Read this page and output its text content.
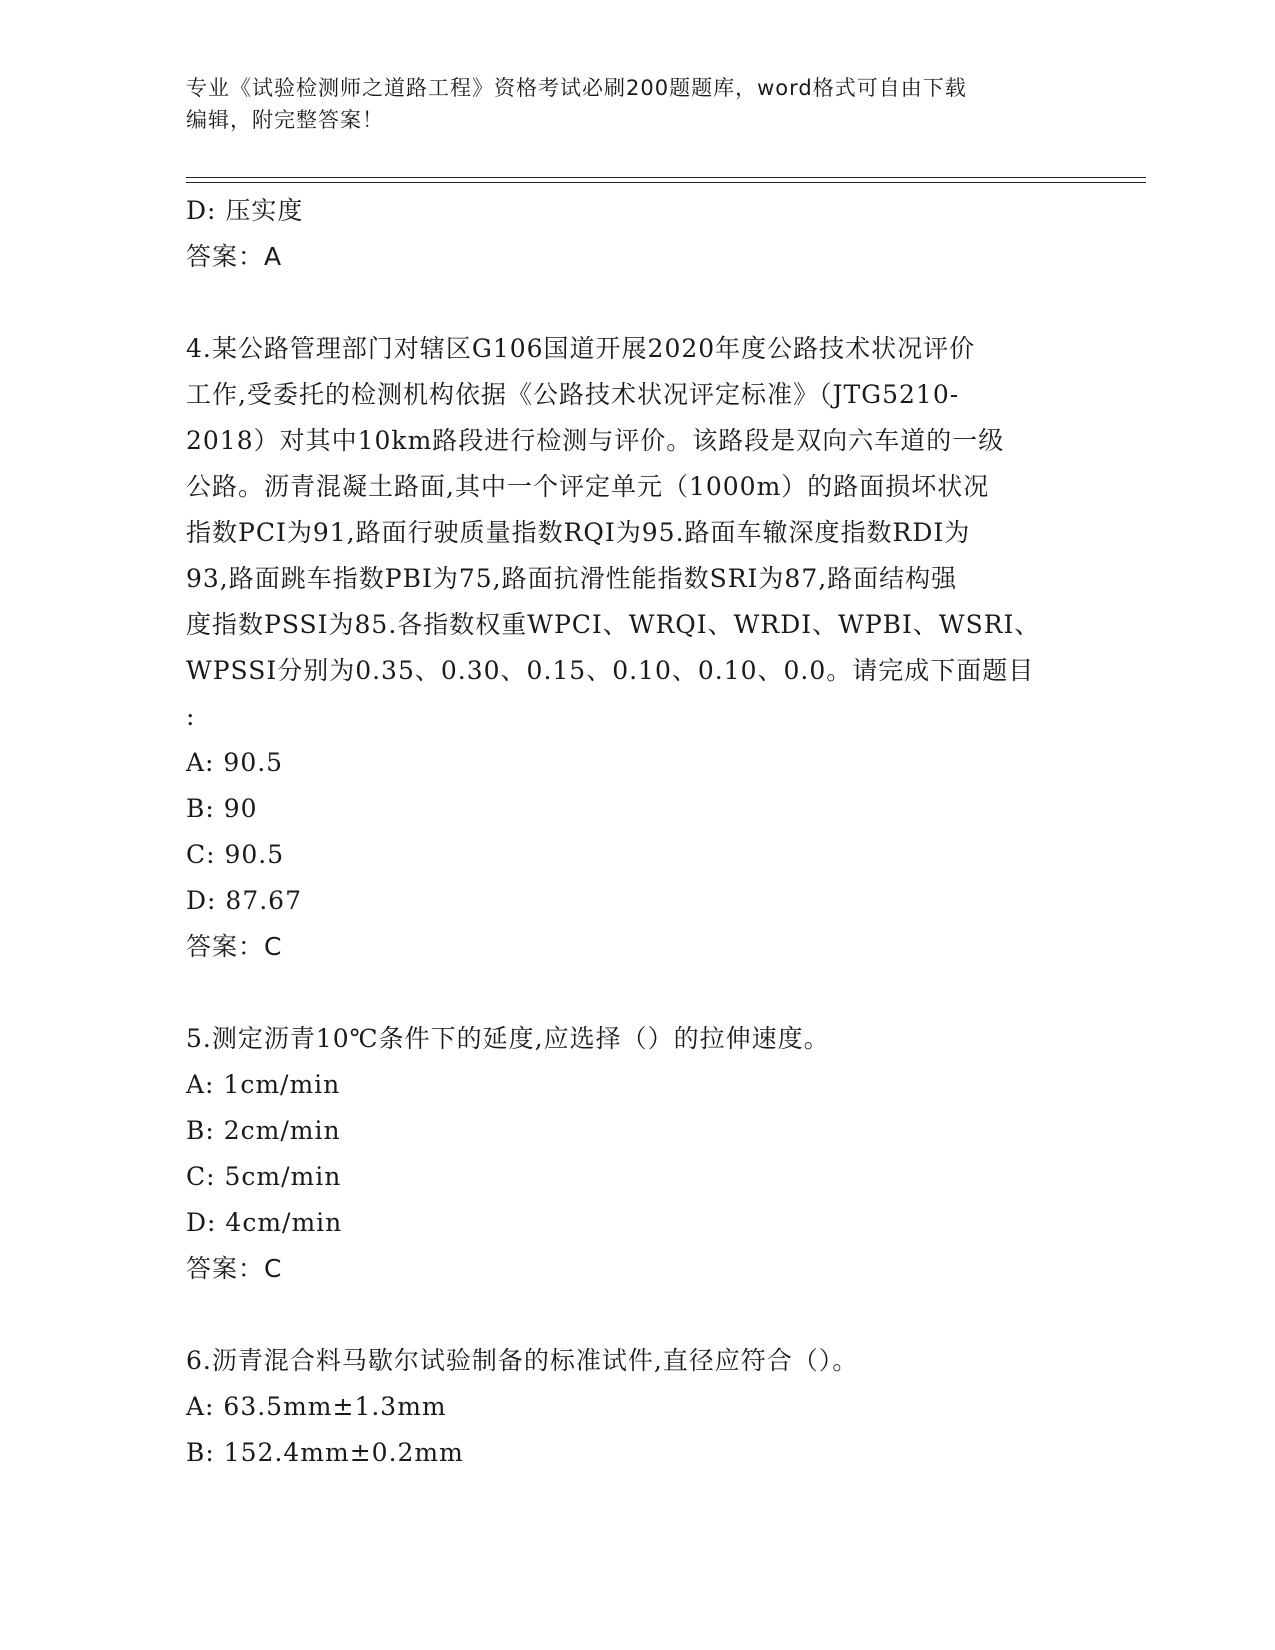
专业《试验检测师之道路工程》资格考试必刷200题题库，word格式可自由下载
编辑，附完整答案！
D: 压实度
答案：A
4.某公路管理部门对辖区G106国道开展2020年度公路技术状况评价
工作,受委托的检测机构依据《公路技术状况评定标准》（JTG5210-
2018）对其中10km路段进行检测与评价。该路段是双向六车道的一级
公路。沥青混凝土路面,其中一个评定单元（1000m）的路面损坏状况
指数PCI为91,路面行驶质量指数RQI为95.路面车辙深度指数RDI为
93,路面跳车指数PBI为75,路面抗滑性能指数SRI为87,路面结构强
度指数PSSI为85.各指数权重WPCI、WRQI、WRDI、WPBI、WSRI、
WPSSI分别为0.35、0.30、0.15、0.10、0.10、0.0。请完成下面题目
:
A: 90.5
B: 90
C: 90.5
D: 87.67
答案：C
5.测定沥青10℃条件下的延度,应选择（）的拉伸速度。
A: 1cm/min
B: 2cm/min
C: 5cm/min
D: 4cm/min
答案：C
6.沥青混合料马歇尔试验制备的标准试件,直径应符合（）。
A: 63.5mm±1.3mm
B: 152.4mm±0.2mm
